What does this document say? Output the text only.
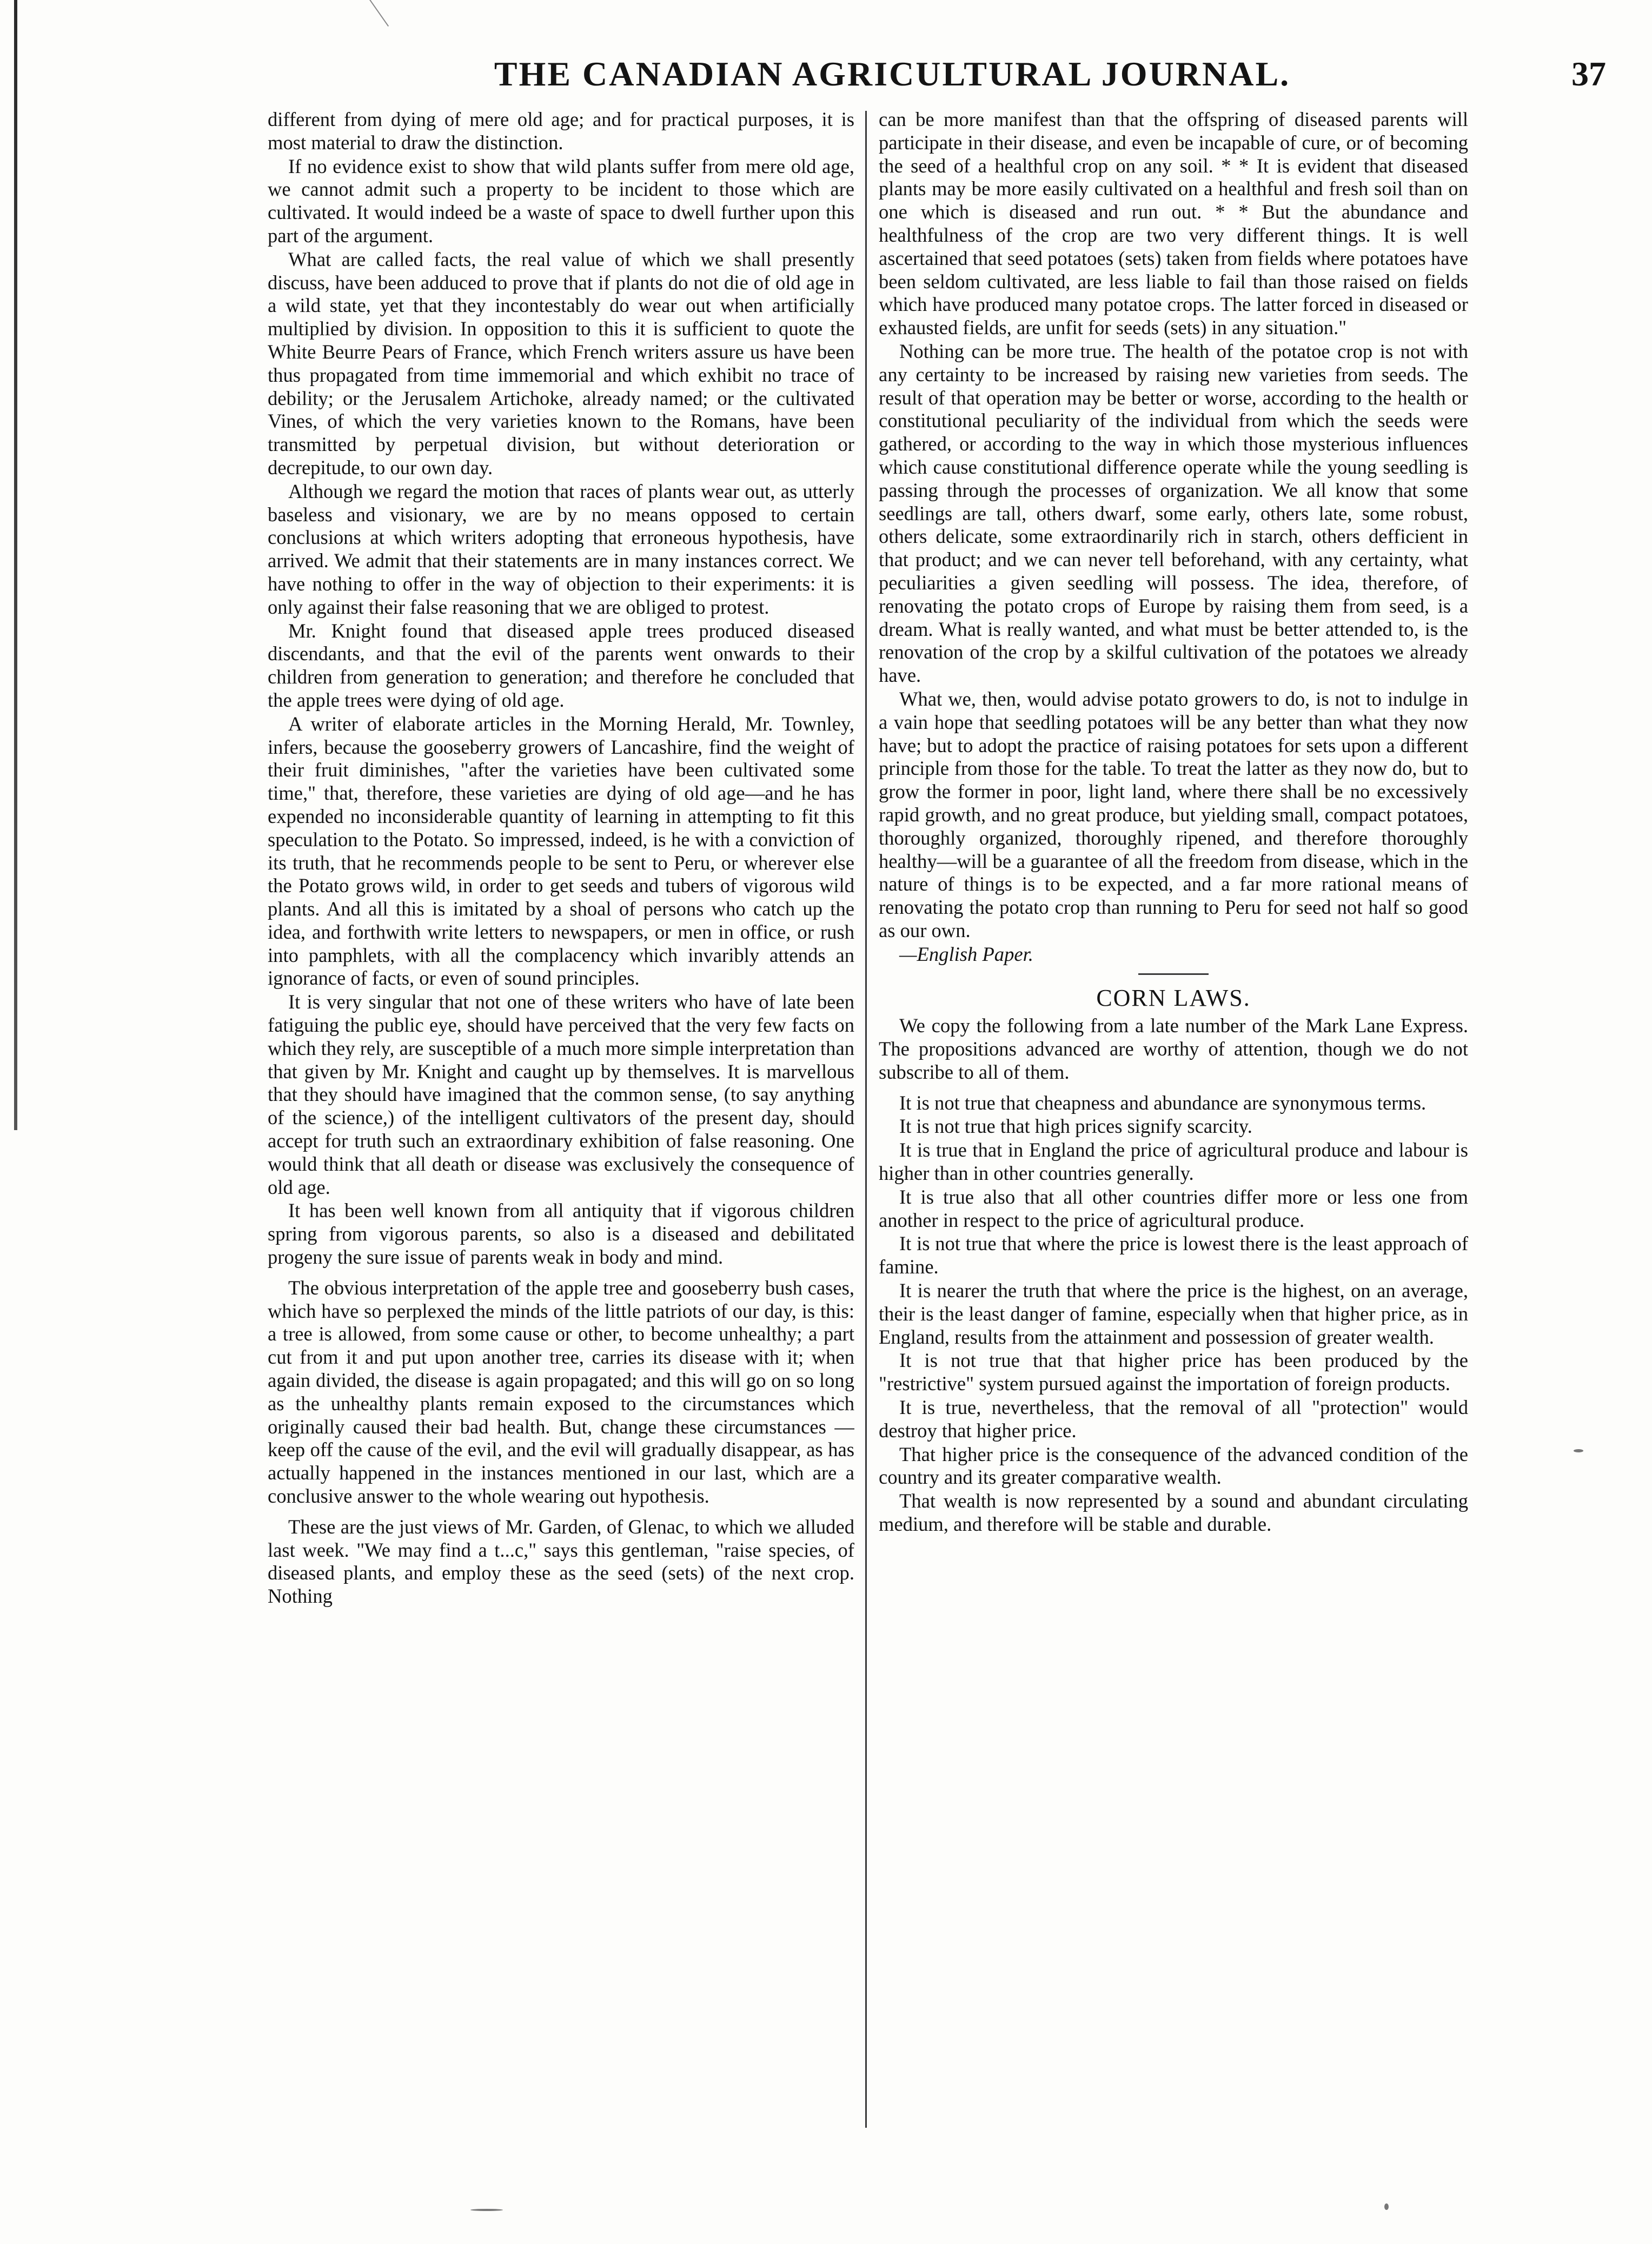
THE CANADIAN AGRICULTURAL JOURNAL.	37

different from dying of mere old age; and for practical purposes, it is most material to draw the distinction.

If no evidence exist to show that wild plants suffer from mere old age, we cannot admit such a property to be incident to those which are cultivated. It would indeed be a waste of space to dwell further upon this part of the argument.

What are called facts, the real value of which we shall presently discuss, have been adduced to prove that if plants do not die of old age in a wild state, yet that they incontestably do wear out when artificially multiplied by division. In opposition to this it is sufficient to quote the White Beurre Pears of France, which French writers assure us have been thus propagated from time immemorial and which exhibit no trace of debility; or the Jerusalem Artichoke, already named; or the cultivated Vines, of which the very varieties known to the Romans, have been transmitted by perpetual division, but without deterioration or decrepitude, to our own day.

Although we regard the motion that races of plants wear out, as utterly baseless and visionary, we are by no means opposed to certain conclusions at which writers adopting that erroneous hypothesis, have arrived. We admit that their statements are in many instances correct. We have nothing to offer in the way of objection to their experiments: it is only against their false reasoning that we are obliged to protest.

Mr. Knight found that diseased apple trees produced diseased discendants, and that the evil of the parents went onwards to their children from generation to generation; and therefore he concluded that the apple trees were dying of old age.

A writer of elaborate articles in the Morning Herald, Mr. Townley, infers, because the gooseberry growers of Lancashire, find the weight of their fruit diminishes, "after the varieties have been cultivated some time," that, therefore, these varieties are dying of old age—and he has expended no inconsiderable quantity of learning in attempting to fit this speculation to the Potato. So impressed, indeed, is he with a conviction of its truth, that he recommends people to be sent to Peru, or wherever else the Potato grows wild, in order to get seeds and tubers of vigorous wild plants. And all this is imitated by a shoal of persons who catch up the idea, and forthwith write letters to newspapers, or men in office, or rush into pamphlets, with all the complacency which invaribly attends an ignorance of facts, or even of sound principles.

It is very singular that not one of these writers who have of late been fatiguing the public eye, should have perceived that the very few facts on which they rely, are susceptible of a much more simple interpretation than that given by Mr. Knight and caught up by themselves. It is marvellous that they should have imagined that the common sense, (to say anything of the science,) of the intelligent cultivators of the present day, should accept for truth such an extraordinary exhibition of false reasoning. One would think that all death or disease was exclusively the consequence of old age.

It has been well known from all antiquity that if vigorous children spring from vigorous parents, so also is a diseased and debilitated progeny the sure issue of parents weak in body and mind.

The obvious interpretation of the apple tree and gooseberry bush cases, which have so perplexed the minds of the little patriots of our day, is this: a tree is allowed, from some cause or other, to become unhealthy; a part cut from it and put upon another tree, carries its disease with it; when again divided, the disease is again propagated; and this will go on so long as the unhealthy plants remain exposed to the circumstances which originally caused their bad health. But, change these circumstances —keep off the cause of the evil, and the evil will gradually disappear, as has actually happened in the instances mentioned in our last, which are a conclusive answer to the whole wearing out hypothesis.

These are the just views of Mr. Garden, of Glenac, to which we alluded last week. "We may find a t...c," says this gentleman, "raise species, of diseased plants, and employ these as the seed (sets) of the next crop. Nothing

can be more manifest than that the offspring of diseased parents will participate in their disease, and even be incapable of cure, or of becoming the seed of a healthful crop on any soil. * * It is evident that diseased plants may be more easily cultivated on a healthful and fresh soil than on one which is diseased and run out. * * But the abundance and healthfulness of the crop are two very different things. It is well ascertained that seed potatoes (sets) taken from fields where potatoes have been seldom cultivated, are less liable to fail than those raised on fields which have produced many potatoe crops. The latter forced in diseased or exhausted fields, are unfit for seeds (sets) in any situation."

Nothing can be more true. The health of the potatoe crop is not with any certainty to be increased by raising new varieties from seeds. The result of that operation may be better or worse, according to the health or constitutional peculiarity of the individual from which the seeds were gathered, or according to the way in which those mysterious influences which cause constitutional difference operate while the young seedling is passing through the processes of organization. We all know that some seedlings are tall, others dwarf, some early, others late, some robust, others delicate, some extraordinarily rich in starch, others defficient in that product; and we can never tell beforehand, with any certainty, what peculiarities a given seedling will possess. The idea, therefore, of renovating the potato crops of Europe by raising them from seed, is a dream. What is really wanted, and what must be better attended to, is the renovation of the crop by a skilful cultivation of the potatoes we already have.

What we, then, would advise potato growers to do, is not to indulge in a vain hope that seedling potatoes will be any better than what they now have; but to adopt the practice of raising potatoes for sets upon a different principle from those for the table. To treat the latter as they now do, but to grow the former in poor, light land, where there shall be no excessively rapid growth, and no great produce, but yielding small, compact potatoes, thoroughly organized, thoroughly ripened, and therefore thoroughly healthy—will be a guarantee of all the freedom from disease, which in the nature of things is to be expected, and a far more rational means of renovating the potato crop than running to Peru for seed not half so good as our own.

—English Paper.

CORN LAWS.

We copy the following from a late number of the Mark Lane Express. The propositions advanced are worthy of attention, though we do not subscribe to all of them.

It is not true that cheapness and abundance are synonymous terms.

It is not true that high prices signify scarcity.

It is true that in England the price of agricultural produce and labour is higher than in other countries generally.

It is true also that all other countries differ more or less one from another in respect to the price of agricultural produce.

It is not true that where the price is lowest there is the least approach of famine.

It is nearer the truth that where the price is the highest, on an average, their is the least danger of famine, especially when that higher price, as in England, results from the attainment and possession of greater wealth.

It is not true that that higher price has been produced by the "restrictive" system pursued against the importation of foreign products.

It is true, nevertheless, that the removal of all "protection" would destroy that higher price.

That higher price is the consequence of the advanced condition of the country and its greater comparative wealth.

That wealth is now represented by a sound and abundant circulating medium, and therefore will be stable and durable.
